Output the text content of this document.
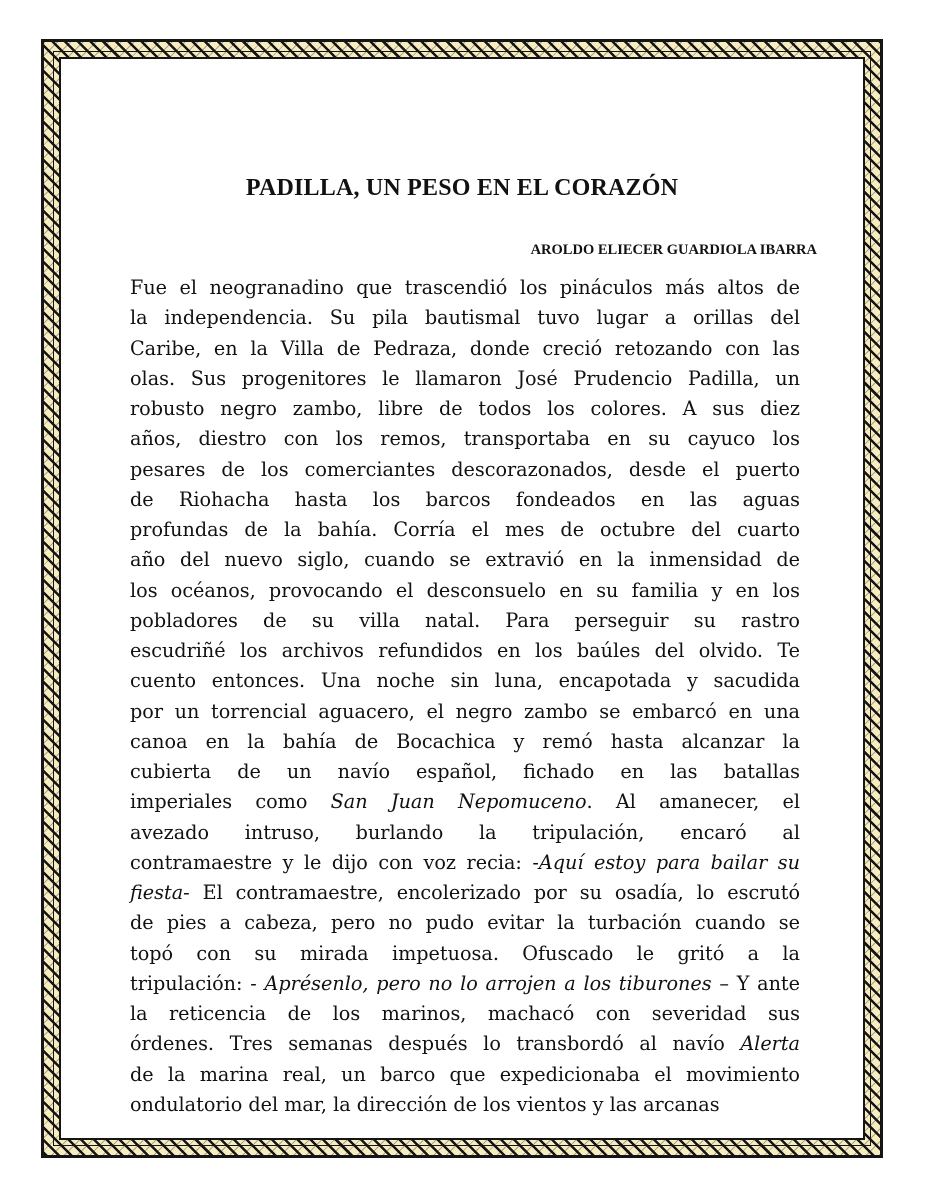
PADILLA, UN PESO EN EL CORAZÓN

AROLDO ELIECER GUARDIOLA IBARRA

Fue el neogranadino que trascendió los pináculos más altos de
la independencia. Su pila bautismal tuvo lugar a orillas del
Caribe, en la Villa de Pedraza, donde creció retozando con las
olas. Sus progenitores le llamaron José Prudencio Padilla, un
robusto negro zambo, libre de todos los colores. A sus diez
años, diestro con los remos, transportaba en su cayuco los
pesares de los comerciantes descorazonados, desde el puerto
de Riohacha hasta los barcos fondeados en las aguas
profundas de la bahía. Corría el mes de octubre del cuarto
año del nuevo siglo, cuando se extravió en la inmensidad de
los océanos, provocando el desconsuelo en su familia y en los
pobladores de su villa natal. Para perseguir su rastro
escudriñé los archivos refundidos en los baúles del olvido. Te
cuento entonces. Una noche sin luna, encapotada y sacudida
por un torrencial aguacero, el negro zambo se embarcó en una
canoa en la bahía de Bocachica y remó hasta alcanzar la
cubierta de un navío español, fichado en las batallas
imperiales como San Juan Nepomuceno. Al amanecer, el
avezado intruso, burlando la tripulación, encaró al
contramaestre y le dijo con voz recia: -Aquí estoy para bailar su
fiesta- El contramaestre, encolerizado por su osadía, lo escrutó
de pies a cabeza, pero no pudo evitar la turbación cuando se
topó con su mirada impetuosa. Ofuscado le gritó a la
tripulación: - Aprésenlo, pero no lo arrojen a los tiburones – Y ante
la reticencia de los marinos, machacó con severidad sus
órdenes. Tres semanas después lo transbordó al navío Alerta
de la marina real, un barco que expedicionaba el movimiento
ondulatorio del mar, la dirección de los vientos y las arcanas
